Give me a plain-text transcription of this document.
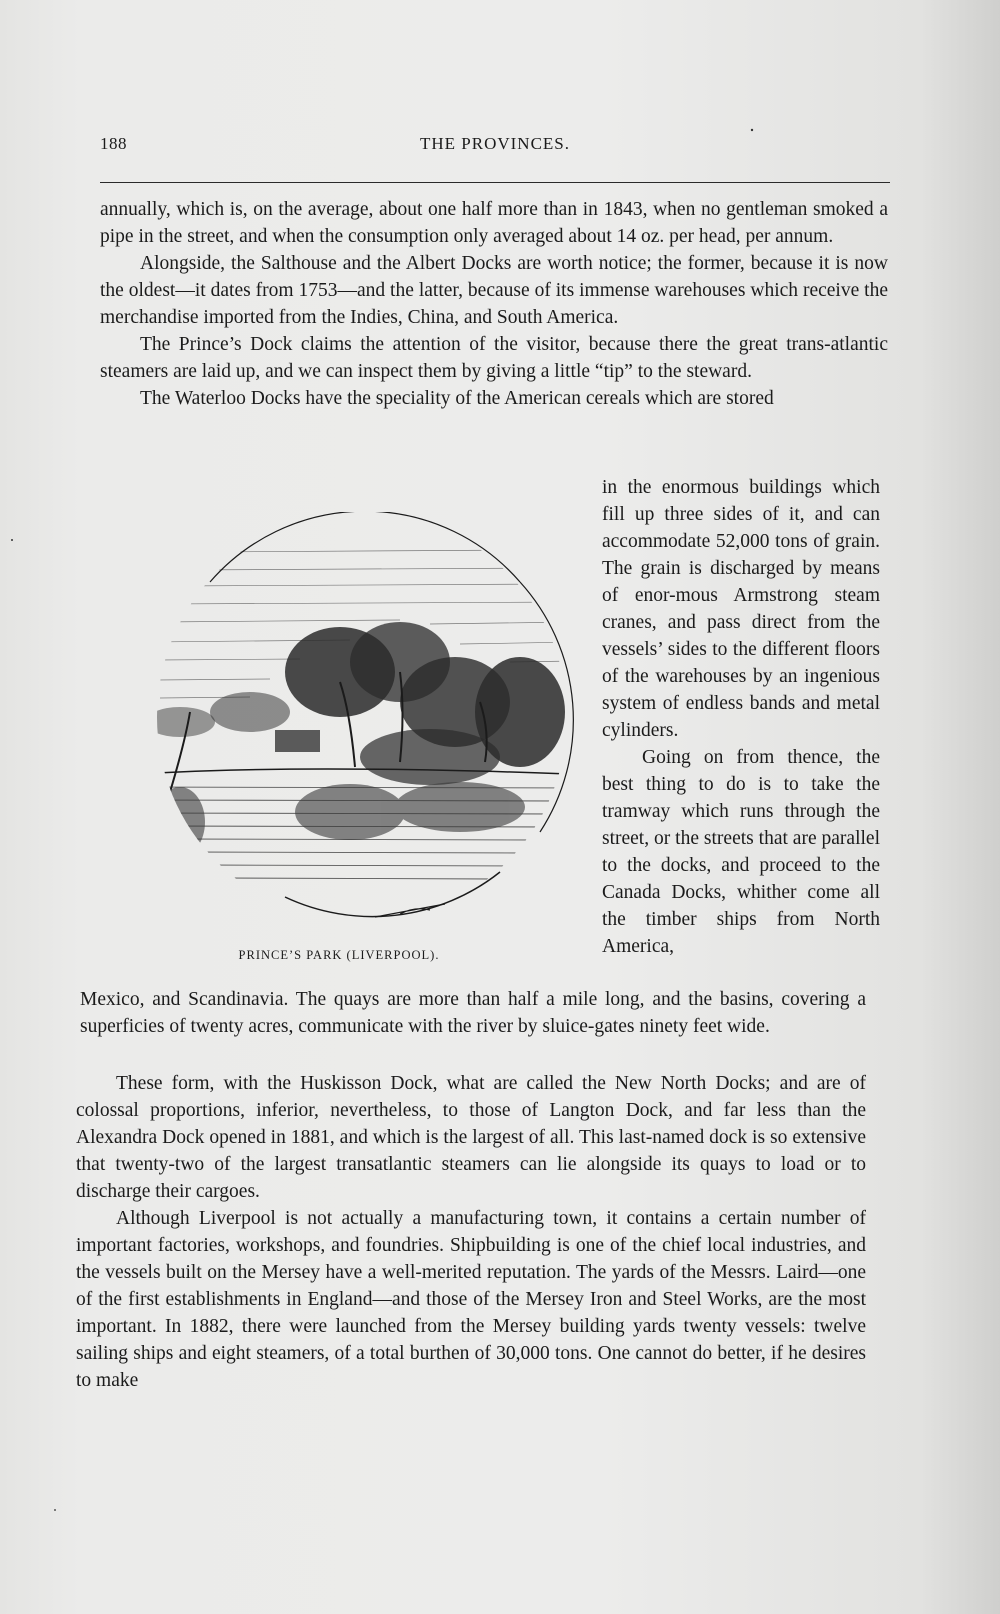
188	THE PROVINCES.

annually, which is, on the average, about one half more than in 1843, when no gentleman smoked a pipe in the street, and when the consumption only averaged about 14 oz. per head, per annum.

Alongside, the Salthouse and the Albert Docks are worth notice; the former, because it is now the oldest—it dates from 1753—and the latter, because of its immense warehouses which receive the merchandise imported from the Indies, China, and South America.

The Prince’s Dock claims the attention of the visitor, because there the great trans-atlantic steamers are laid up, and we can inspect them by giving a little “tip” to the steward.

The Waterloo Docks have the speciality of the American cereals which are stored

in the enormous buildings which fill up three sides of it, and can accommodate 52,000 tons of grain. The grain is discharged by means of enor-mous Armstrong steam cranes, and pass direct from the vessels’ sides to the different floors of the warehouses by an ingenious system of endless bands and metal cylinders.

Going on from thence, the best thing to do is to take the tramway which runs through the street, or the streets that are parallel to the docks, and proceed to the Canada Docks, whither come all the timber ships from North America,

PRINCE’S PARK (LIVERPOOL).

Mexico, and Scandinavia. The quays are more than half a mile long, and the basins, covering a superficies of twenty acres, communicate with the river by sluice-gates ninety feet wide.

These form, with the Huskisson Dock, what are called the New North Docks; and are of colossal proportions, inferior, nevertheless, to those of Langton Dock, and far less than the Alexandra Dock opened in 1881, and which is the largest of all. This last-named dock is so extensive that twenty-two of the largest transatlantic steamers can lie alongside its quays to load or to discharge their cargoes.

Although Liverpool is not actually a manufacturing town, it contains a certain number of important factories, workshops, and foundries. Shipbuilding is one of the chief local industries, and the vessels built on the Mersey have a well-merited reputation. The yards of the Messrs. Laird—one of the first establishments in England—and those of the Mersey Iron and Steel Works, are the most important. In 1882, there were launched from the Mersey building yards twenty vessels: twelve sailing ships and eight steamers, of a total burthen of 30,000 tons. One cannot do better, if he desires to make
